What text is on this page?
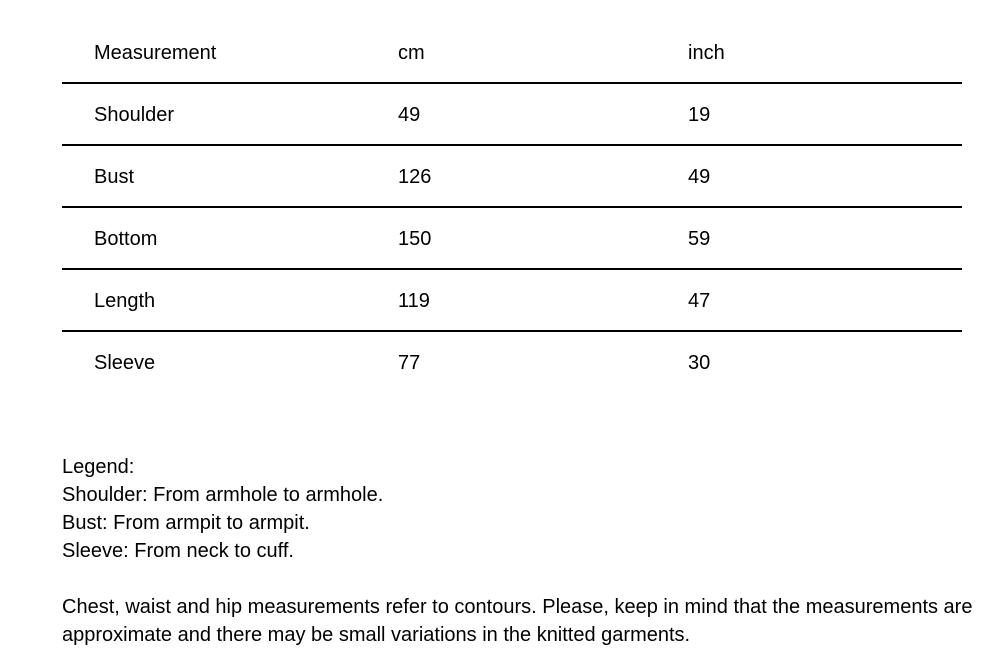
Measurement	cm	inch
Shoulder	49	19
Bust	126	49
Bottom	150	59
Length	119	47
Sleeve	77	30
Legend:
Shoulder: From armhole to armhole.
Bust: From armpit to armpit.
Sleeve: From neck to cuff.
Chest, waist and hip measurements refer to contours. Please, keep in mind that the measurements are approximate and there may be small variations in the knitted garments.
